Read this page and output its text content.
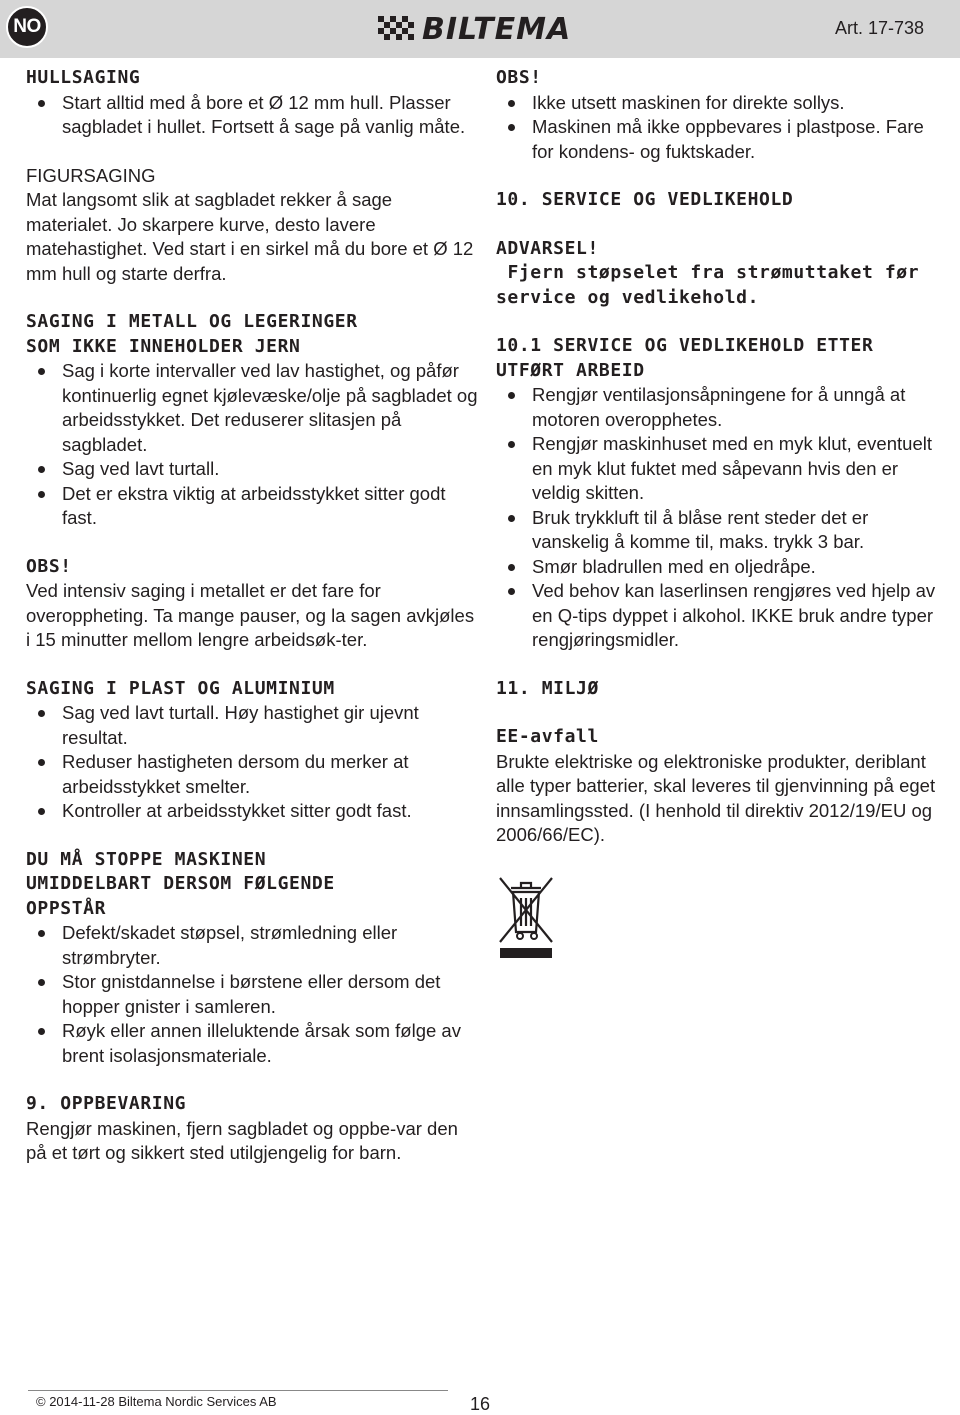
NO	BILTEMA	Art. 17-738

HULLSAGING

Start alltid med å bore et Ø 12 mm hull. Plasser sagbladet i hullet. Fortsett å sage på vanlig måte.

FIGURSAGING

Mat langsomt slik at sagbladet rekker å sage materialet. Jo skarpere kurve, desto lavere matehastighet. Ved start i en sirkel må du bore et Ø 12 mm hull og starte derfra.

SAGING I METALL OG LEGERINGER

SOM IKKE INNEHOLDER JERN

Sag i korte intervaller ved lav hastighet, og påfør kontinuerlig egnet kjølevæske/olje på sagbladet og arbeidsstykket. Det reduserer slitasjen på sagbladet.
Sag ved lavt turtall.
Det er ekstra viktig at arbeidsstykket sitter godt fast.

OBS!

Ved intensiv saging i metallet er det fare for overoppheting. Ta mange pauser, og la sagen avkjøles i 15 minutter mellom lengre arbeidsøk-ter.

SAGING I PLAST OG ALUMINIUM

Sag ved lavt turtall. Høy hastighet gir ujevnt resultat.
Reduser hastigheten dersom du merker at arbeidsstykket smelter.
Kontroller at arbeidsstykket sitter godt fast.

DU MÅ STOPPE MASKINEN

UMIDDELBART DERSOM FØLGENDE

OPPSTÅR

Defekt/skadet støpsel, strømledning eller strømbryter.
Stor gnistdannelse i børstene eller dersom det hopper gnister i samleren.
Røyk eller annen illeluktende årsak som følge av brent isolasjonsmateriale.

9. OPPBEVARING

Rengjør maskinen, fjern sagbladet og oppbe-var den på et tørt og sikkert sted utilgjengelig for barn.

OBS!

Ikke utsett maskinen for direkte sollys.
Maskinen må ikke oppbevares i plastpose. Fare for kondens- og fuktskader.

10. SERVICE OG VEDLIKEHOLD

ADVARSEL!

Fjern støpselet fra strømuttaket før service og vedlikehold.

10.1 SERVICE OG VEDLIKEHOLD ETTER

UTFØRT ARBEID

Rengjør ventilasjonsåpningene for å unngå at motoren overopphetes.
Rengjør maskinhuset med en myk klut, eventuelt en myk klut fuktet med såpevann hvis den er veldig skitten.
Bruk trykkluft til å blåse rent steder det er vanskelig å komme til, maks. trykk 3 bar.
Smør bladrullen med en oljedråpe.
Ved behov kan laserlinsen rengjøres ved hjelp av en Q-tips dyppet i alkohol. IKKE bruk andre typer rengjøringsmidler.

11. MILJØ

EE-avfall

Brukte elektriske og elektroniske produkter, deriblant alle typer batterier, skal leveres til gjenvinning på eget innsamlingssted. (I henhold til direktiv 2012/19/EU og 2006/66/EC).

© 2014-11-28 Biltema Nordic Services AB	16
